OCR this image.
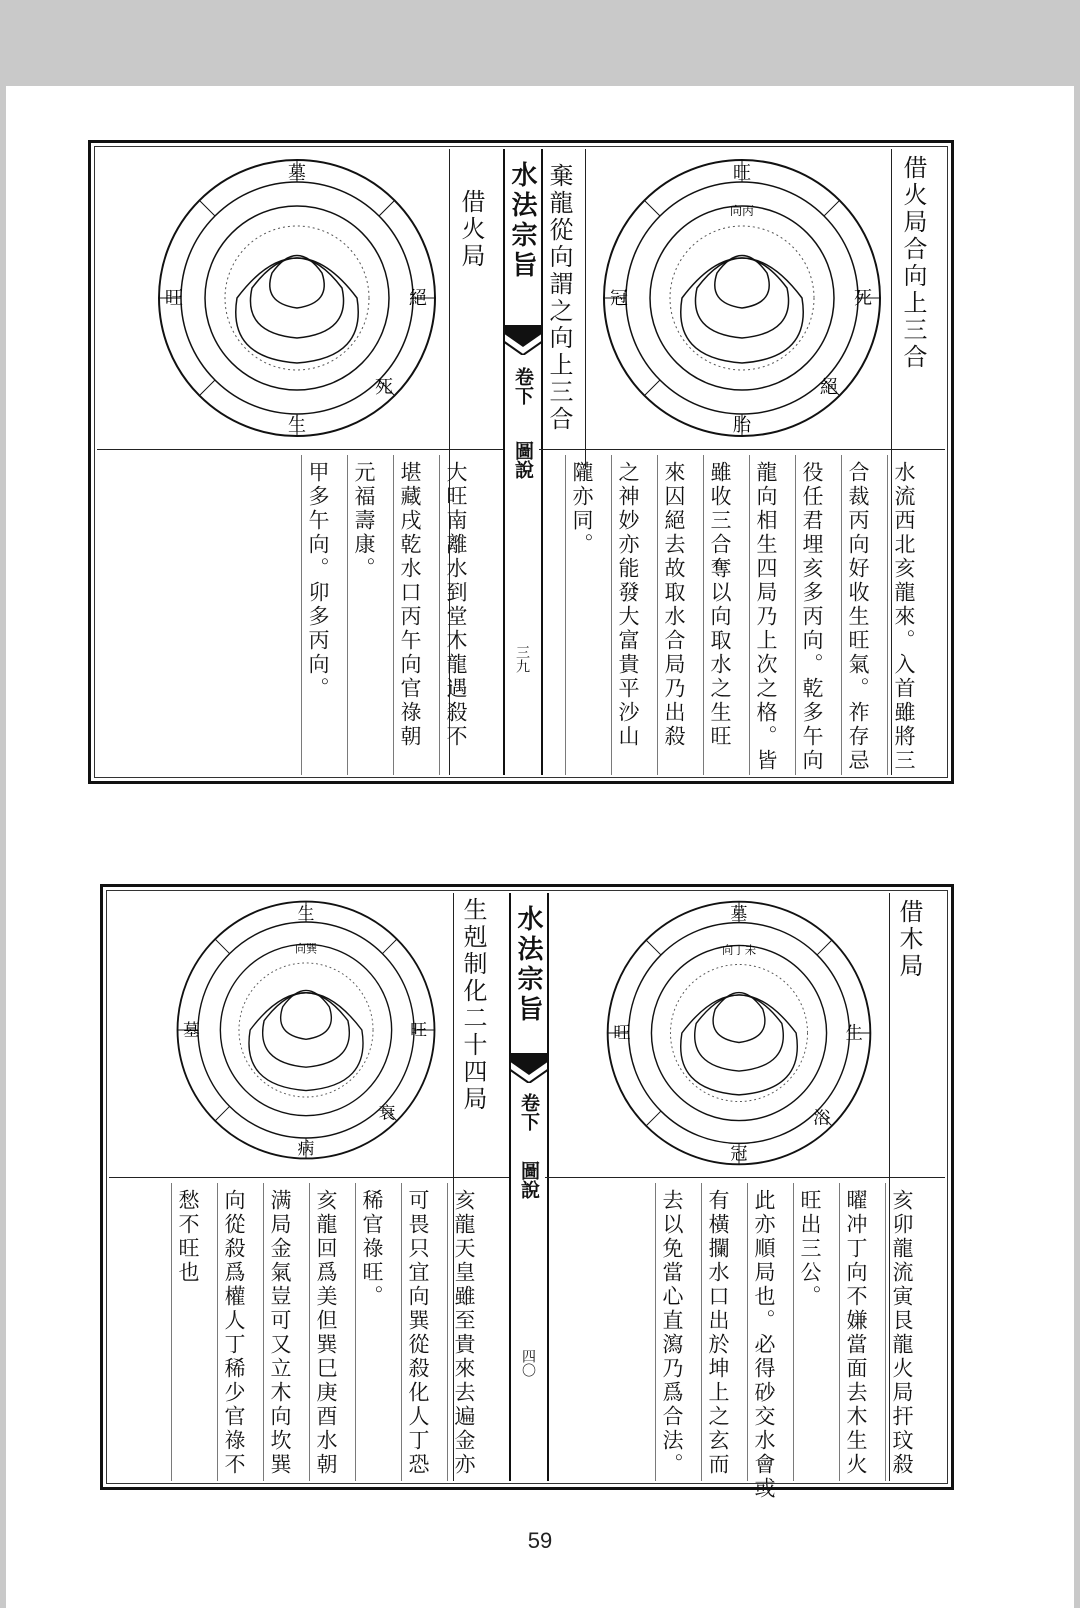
生
墓
絕
旺
死
借火局
大旺南離水到堂木龍遇殺不
堪藏戌乾水口丙午向官祿朝
元福壽康。
甲多午向。卯多丙向。
水法宗旨
卷下
圖說
三九
棄龍從向謂之向上三合	向丙
胎
旺
死
冠
絕
借火局合向上三合
水流西北亥龍來。入首雖將三
合裁丙向好收生旺氣。祚存忌
役任君埋亥多丙向。乾多午向
龍向相生四局乃上次之格。皆
雖收三合奪以向取水之生旺
來囚絕去故取水合局乃出殺
之神妙亦能發大富貴平沙山
隴亦同。
向巽
病
生
旺
墓
衰	生剋制化二十四局
亥龍天皇雖至貴來去遍金亦
可畏只宜向巽從殺化人丁恐
稀官祿旺。
亥龍回爲美但巽巳庚酉水朝
满局金氣豈可又立木向坎巽
向從殺爲權人丁稀少官祿不
愁不旺也
水法宗旨
卷下
圖說
四〇
向丁未
冠
墓
生
旺
浴
借木局
亥卯龍流寅艮龍火局扞玟殺
曜冲丁向不嫌當面去木生火
旺出三公。
此亦順局也。必得砂交水會或
有橫攔水口出於坤上之玄而
去以免當心直瀉乃爲合法。
59
